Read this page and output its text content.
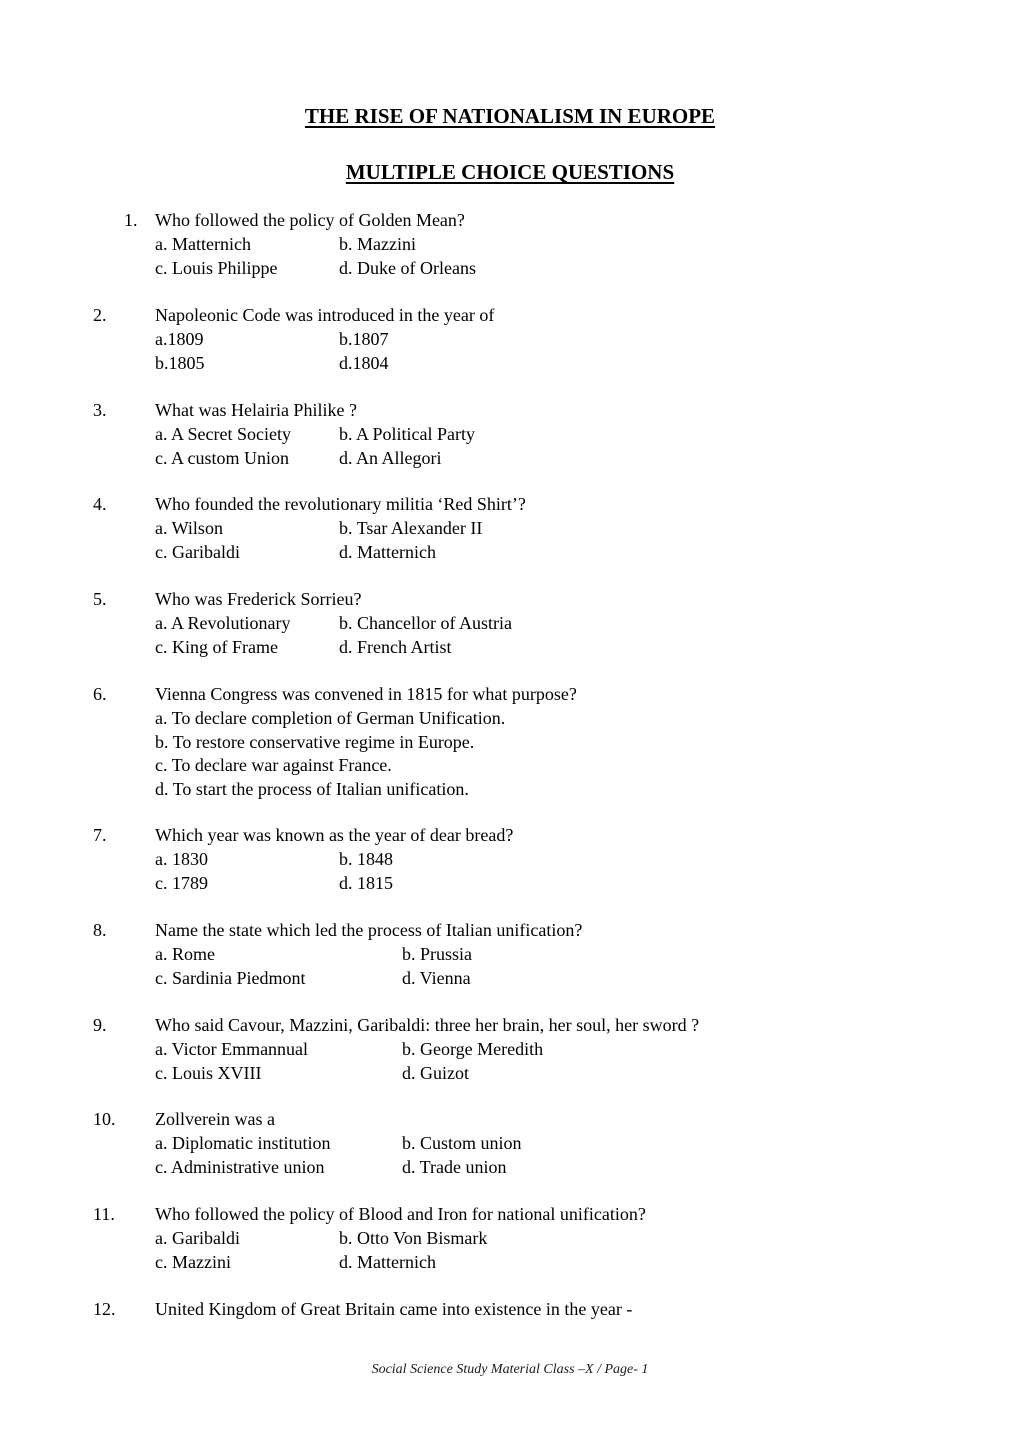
THE RISE OF NATIONALISM IN EUROPE
MULTIPLE CHOICE QUESTIONS
1. Who followed the policy of Golden Mean?
a. Matternich	b. Mazzini
c. Louis Philippe	d. Duke of Orleans
2.	Napoleonic Code was introduced in the year of
a.1809	b.1807
b.1805	d.1804
3.	What was Helairia Philike ?
a. A Secret Society	b. A Political Party
c. A custom Union	d. An Allegori
4.	Who founded the revolutionary militia ‘Red Shirt’?
a. Wilson	b. Tsar Alexander II
c. Garibaldi	d. Matternich
5.	Who was Frederick Sorrieu?
a. A Revolutionary	b. Chancellor of Austria
c. King of Frame	d. French Artist
6.	Vienna Congress was convened in 1815 for what purpose?
a. To declare completion of German Unification.
b. To restore conservative regime in Europe.
c. To declare war against France.
d. To start the process of Italian unification.
7.	Which year was known as the year of dear bread?
a. 1830	b. 1848
c. 1789	d. 1815
8.	Name the state which led the process of Italian unification?
a. Rome	b. Prussia
c. Sardinia Piedmont	d. Vienna
9.	Who said Cavour, Mazzini, Garibaldi: three her brain, her soul, her sword ?
a. Victor Emmannual	b. George Meredith
c. Louis XVIII	d. Guizot
10. Zollverein was a
a. Diplomatic institution	b. Custom union
c. Administrative union	d. Trade union
11. Who followed the policy of Blood and Iron for national unification?
a. Garibaldi	b. Otto Von Bismark
c. Mazzini	d. Matternich
12. United Kingdom of Great Britain came into existence in the year -
Social Science Study Material Class –X / Page- 1
